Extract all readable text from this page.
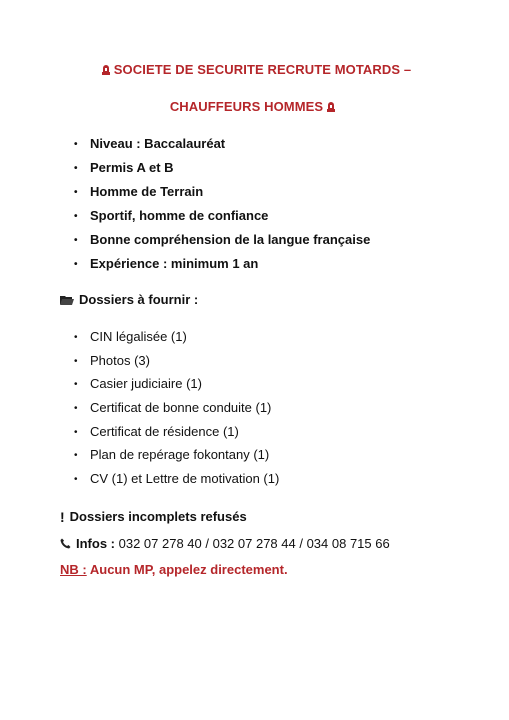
SOCIETE DE SECURITE RECRUTE MOTARDS –
CHAUFFEURS HOMMES
• Niveau : Baccalauréat
• Permis A et B
• Homme de Terrain
• Sportif, homme de confiance
• Bonne compréhension de la langue française
• Expérience : minimum 1 an
Dossiers à fournir :
• CIN légalisée (1)
• Photos (3)
• Casier judiciaire (1)
• Certificat de bonne conduite (1)
• Certificat de résidence (1)
• Plan de repérage fokontany (1)
• CV (1) et Lettre de motivation (1)
! Dossiers incomplets refusés
Infos : 032 07 278 40 / 032 07 278 44 / 034 08 715 66
NB : Aucun MP, appelez directement.
